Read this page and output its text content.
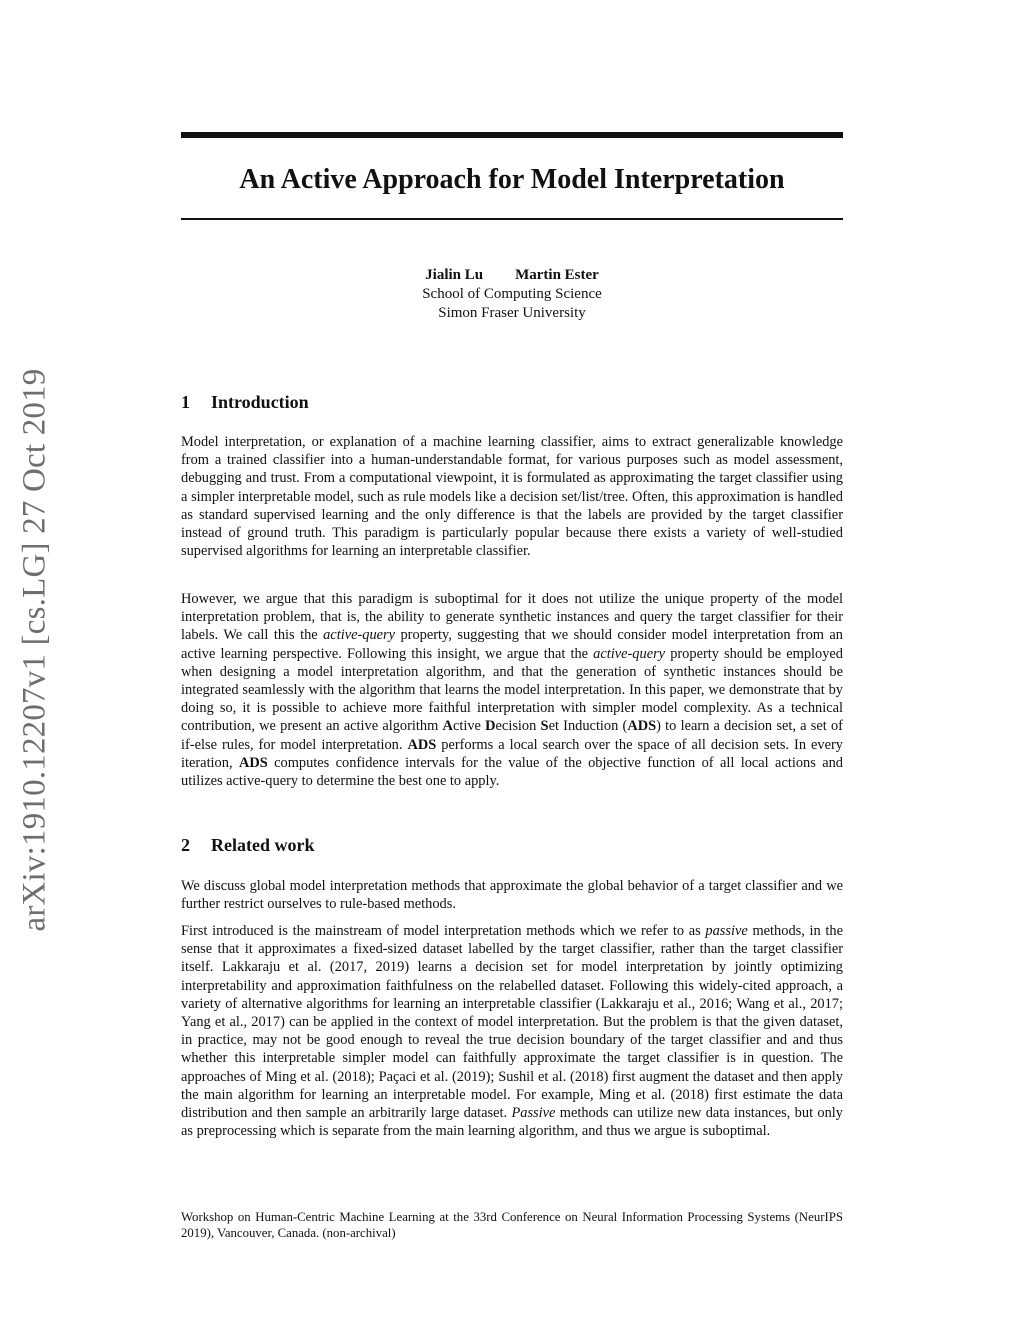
arXiv:1910.12207v1 [cs.LG] 27 Oct 2019
An Active Approach for Model Interpretation
Jialin Lu Martin Ester
School of Computing Science
Simon Fraser University
1 Introduction

Model interpretation, or explanation of a machine learning classifier, aims to extract generalizable knowledge from a trained classifier into a human-understandable format, for various purposes such as model assessment, debugging and trust. From a computational viewpoint, it is formulated as approximating the target classifier using a simpler interpretable model, such as rule models like a decision set/list/tree. Often, this approximation is handled as standard supervised learning and the only difference is that the labels are provided by the target classifier instead of ground truth. This paradigm is particularly popular because there exists a variety of well-studied supervised algorithms for learning an interpretable classifier.

However, we argue that this paradigm is suboptimal for it does not utilize the unique property of the model interpretation problem, that is, the ability to generate synthetic instances and query the target classifier for their labels. We call this the active-query property, suggesting that we should consider model interpretation from an active learning perspective. Following this insight, we argue that the active-query property should be employed when designing a model interpretation algorithm, and that the generation of synthetic instances should be integrated seamlessly with the algorithm that learns the model interpretation. In this paper, we demonstrate that by doing so, it is possible to achieve more faithful interpretation with simpler model complexity. As a technical contribution, we present an active algorithm Active Decision Set Induction (ADS) to learn a decision set, a set of if-else rules, for model interpretation. ADS performs a local search over the space of all decision sets. In every iteration, ADS computes confidence intervals for the value of the objective function of all local actions and utilizes active-query to determine the best one to apply.

2 Related work

We discuss global model interpretation methods that approximate the global behavior of a target classifier and we further restrict ourselves to rule-based methods.

First introduced is the mainstream of model interpretation methods which we refer to as passive methods, in the sense that it approximates a fixed-sized dataset labelled by the target classifier, rather than the target classifier itself. Lakkaraju et al. (2017, 2019) learns a decision set for model interpretation by jointly optimizing interpretability and approximation faithfulness on the relabelled dataset. Following this widely-cited approach, a variety of alternative algorithms for learning an interpretable classifier (Lakkaraju et al., 2016; Wang et al., 2017; Yang et al., 2017) can be applied in the context of model interpretation. But the problem is that the given dataset, in practice, may not be good enough to reveal the true decision boundary of the target classifier and and thus whether this interpretable simpler model can faithfully approximate the target classifier is in question. The approaches of Ming et al. (2018); Paçaci et al. (2019); Sushil et al. (2018) first augment the dataset and then apply the main algorithm for learning an interpretable model. For example, Ming et al. (2018) first estimate the data distribution and then sample an arbitrarily large dataset. Passive methods can utilize new data instances, but only as preprocessing which is separate from the main learning algorithm, and thus we argue is suboptimal.

Workshop on Human-Centric Machine Learning at the 33rd Conference on Neural Information Processing Systems (NeurIPS 2019), Vancouver, Canada. (non-archival)
